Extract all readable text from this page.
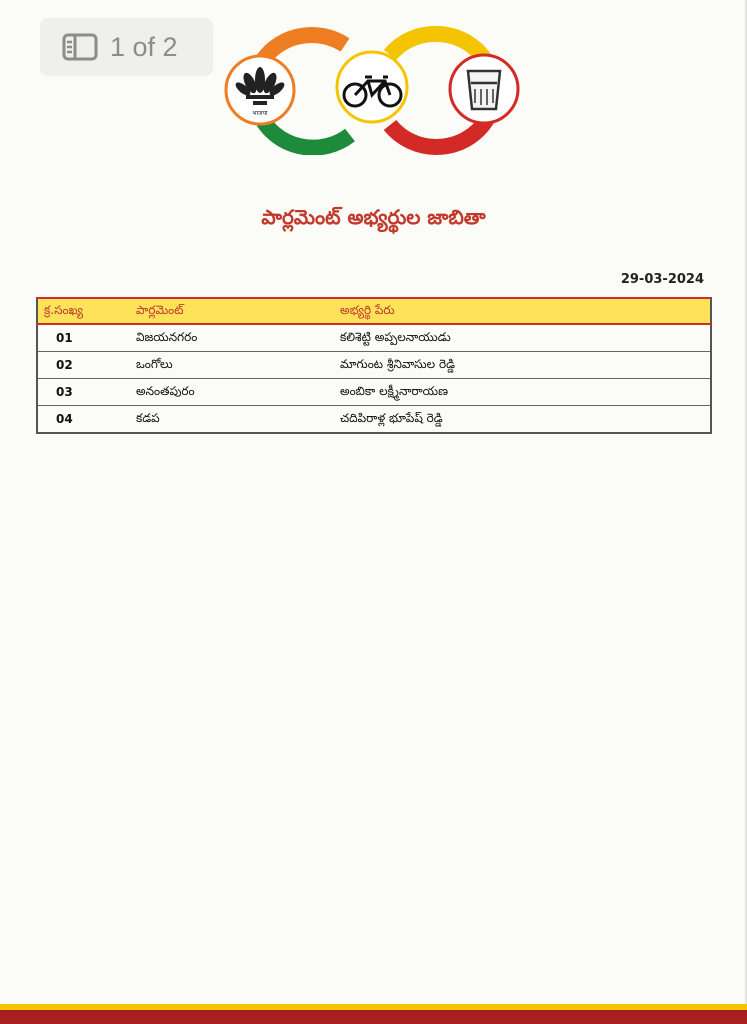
1 of 2
भाजपा
పార్లమెంట్ అభ్యర్థుల జాబితా
29-03-2024
క్ర.సంఖ్య	పార్లమెంట్	అభ్యర్థి పేరు
01	విజయనగరం	కలిశెట్టి అప్పలనాయుడు
02	ఒంగోలు	మాగుంట శ్రీనివాసుల రెడ్డి
03	అనంతపురం	అంబికా లక్ష్మీనారాయణ
04	కడప	చదిపిరాళ్ల భూపేష్ రెడ్డి
